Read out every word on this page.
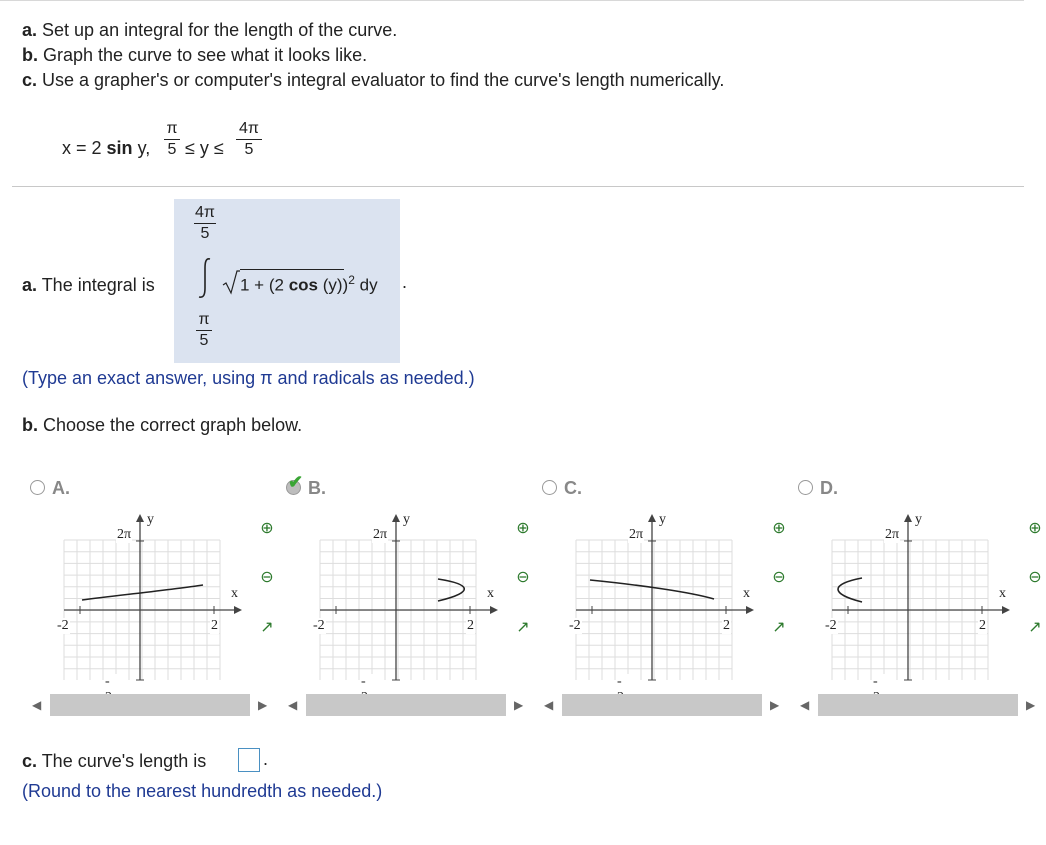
a. Set up an integral for the length of the curve.
b. Graph the curve to see what it looks like.
c. Use a grapher's or computer's integral evaluator to find the curve's length numerically.
x = 2 sin y,
π
5 ≤ y ≤
4π
5
a. The integral is
4π
5
π
5
1 + (2 cos (y))$^2$ dy .
(Type an exact answer, using π and radicals as needed.)
b. Choose the correct graph below.
A.
y
x
2π
-
-2	2
⊕
⊖
↗
◀	▶
✔ B.
y
x
2π
-
-2	2
⊕
⊖
↗
◀	▶
C.
y
x
2π
-
-2	2
⊕
⊖
↗
◀	▶
D.
y
x
2π
-
-2	2
⊕
⊖
↗
◀	▶
c. The curve's length is	.
(Round to the nearest hundredth as needed.)
